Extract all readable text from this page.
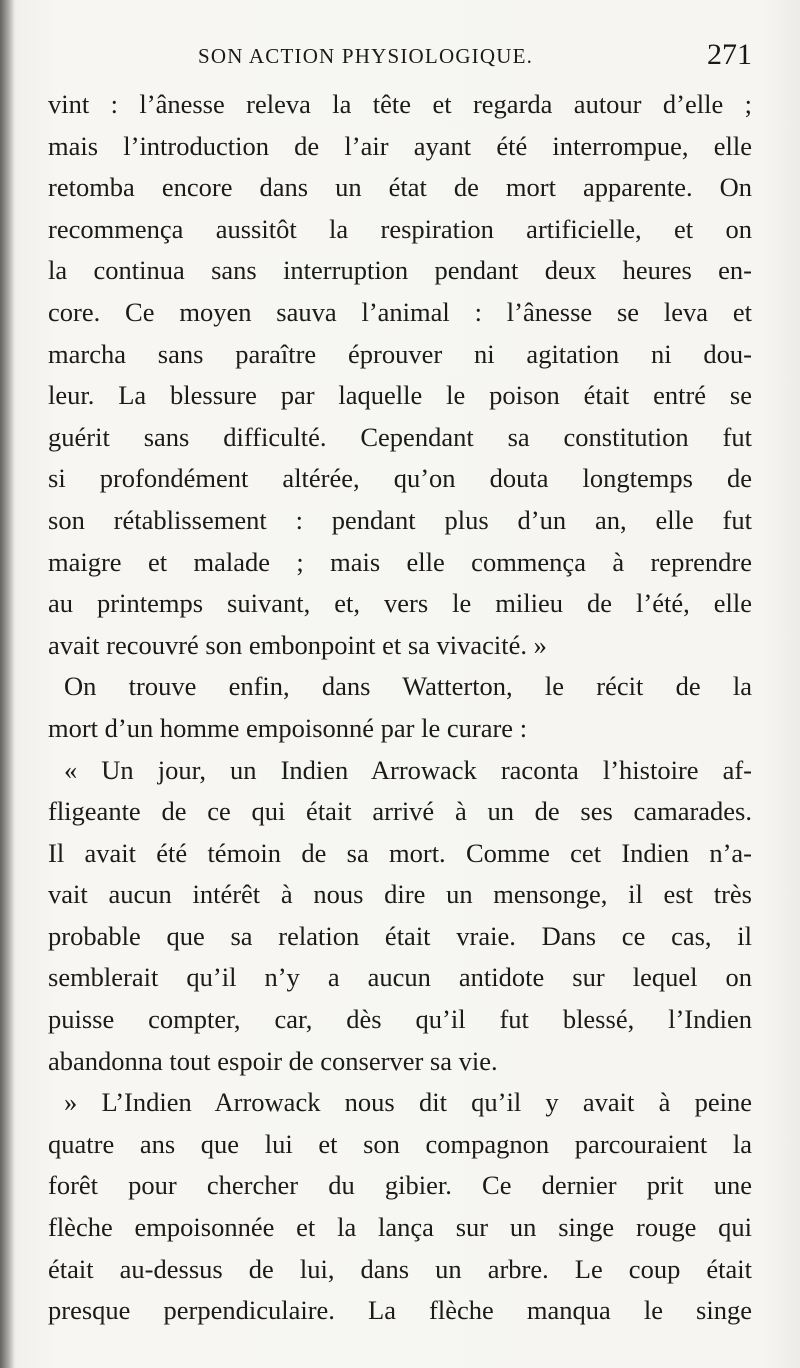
SON ACTION PHYSIOLOGIQUE.	271
vint : l’ânesse releva la tête et regarda autour d’elle ;
mais l’introduction de l’air ayant été interrompue, elle
retomba encore dans un état de mort apparente. On
recommença aussitôt la respiration artificielle, et on
la continua sans interruption pendant deux heures en-
core. Ce moyen sauva l’animal : l’ânesse se leva et
marcha sans paraître éprouver ni agitation ni dou-
leur. La blessure par laquelle le poison était entré se
guérit sans difficulté. Cependant sa constitution fut
si profondément altérée, qu’on douta longtemps de
son rétablissement : pendant plus d’un an, elle fut
maigre et malade ; mais elle commença à reprendre
au printemps suivant, et, vers le milieu de l’été, elle
avait recouvré son embonpoint et sa vivacité. »
On trouve enfin, dans Watterton, le récit de la
mort d’un homme empoisonné par le curare :
« Un jour, un Indien Arrowack raconta l’histoire af-
fligeante de ce qui était arrivé à un de ses camarades.
Il avait été témoin de sa mort. Comme cet Indien n’a-
vait aucun intérêt à nous dire un mensonge, il est très
probable que sa relation était vraie. Dans ce cas, il
semblerait qu’il n’y a aucun antidote sur lequel on
puisse compter, car, dès qu’il fut blessé, l’Indien
abandonna tout espoir de conserver sa vie.
» L’Indien Arrowack nous dit qu’il y avait à peine
quatre ans que lui et son compagnon parcouraient la
forêt pour chercher du gibier. Ce dernier prit une
flèche empoisonnée et la lança sur un singe rouge qui
était au-dessus de lui, dans un arbre. Le coup était
presque perpendiculaire. La flèche manqua le singe
